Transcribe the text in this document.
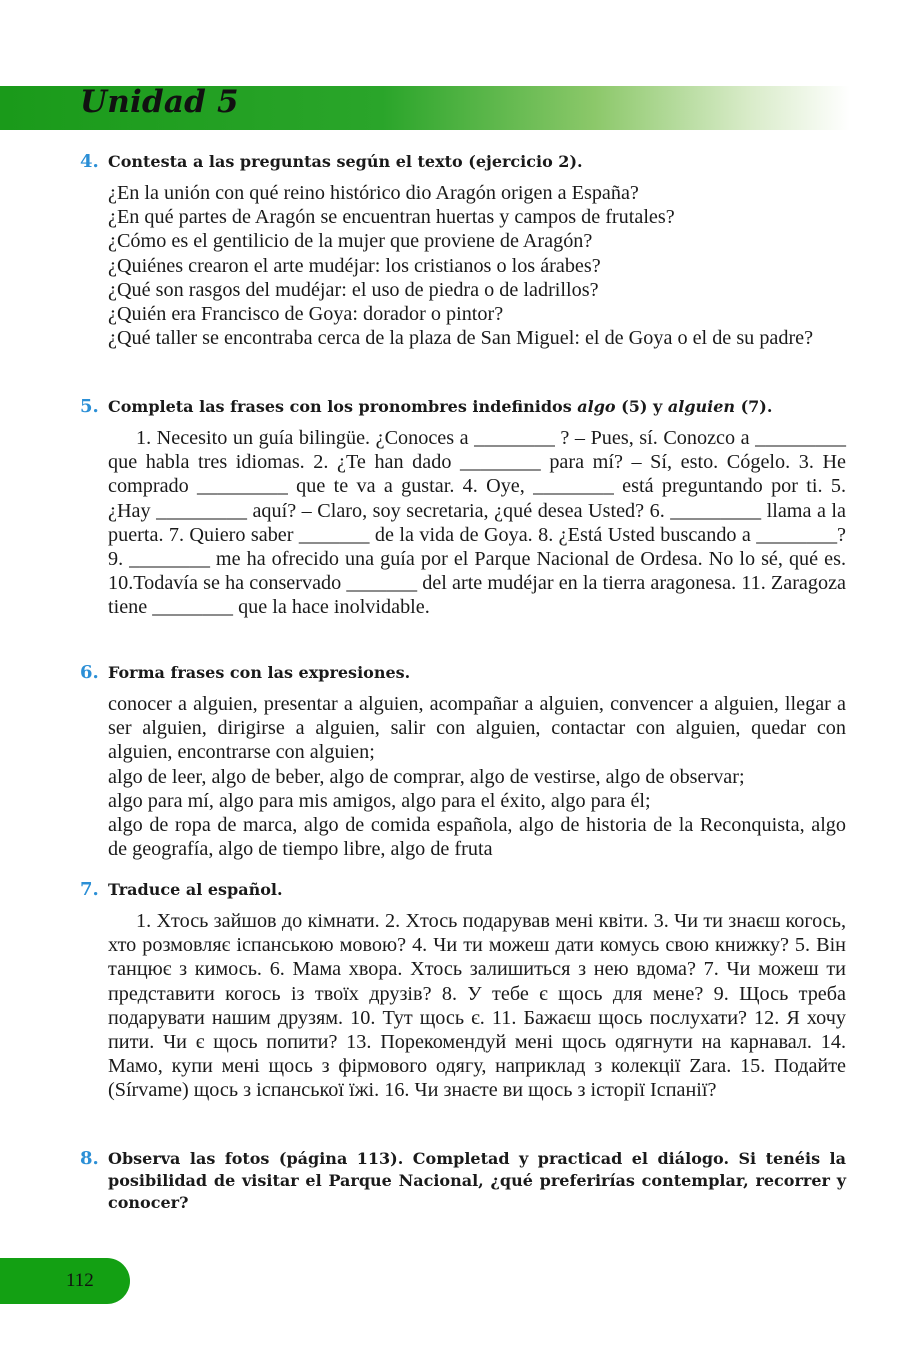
Unidad 5
4. Contesta a las preguntas según el texto (ejercicio 2).

¿En la unión con qué reino histórico dio Aragón origen a España?

¿En qué partes de Aragón se encuentran huertas y campos de frutales?

¿Cómo es el gentilicio de la mujer que proviene de Aragón?

¿Quiénes crearon el arte mudéjar: los cristianos o los árabes?

¿Qué son rasgos del mudéjar: el uso de piedra o de ladrillos?

¿Quién era Francisco de Goya: dorador o pintor?

¿Qué taller se encontraba cerca de la plaza de San Miguel: el de Goya o el de su padre?

5. Completa las frases con los pronombres indefinidos algo (5) y alguien (7).

1. Necesito un guía bilingüe. ¿Conoces a ________ ? – Pues, sí. Conozco a _________ que habla tres idiomas. 2. ¿Te han dado ________ para mí? – Sí, esto. Cógelo. 3. He comprado _________ que te va a gustar. 4. Oye, ________ está preguntando por ti. 5. ¿Hay _________ aquí? – Claro, soy secretaria, ¿qué desea Usted? 6. _________ llama a la puerta. 7. Quiero saber _______ de la vida de Goya. 8. ¿Está Usted buscando a ________? 9. ________ me ha ofrecido una guía por el Parque Nacional de Ordesa. No lo sé, qué es. 10.Todavía se ha conservado _______ del arte mudéjar en la tierra aragonesa. 11. Zaragoza tiene ________ que la hace inolvidable.

6. Forma frases con las expresiones.

conocer a alguien, presentar a alguien, acompañar a alguien, convencer a alguien, llegar a ser alguien, dirigirse a alguien, salir con alguien, contactar con alguien, quedar con alguien, encontrarse con alguien;

algo de leer, algo de beber, algo de comprar, algo de vestirse, algo de observar;

algo para mí, algo para mis amigos, algo para el éxito, algo para él;

algo de ropa de marca, algo de comida española, algo de historia de la Reconquista, algo de geografía, algo de tiempo libre, algo de fruta

7. Traduce al español.

1. Хтось зайшов до кімнати. 2. Хтось подарував мені квіти. 3. Чи ти знаєш когось, хто розмовляє іспанською мовою? 4. Чи ти можеш дати комусь свою книжку? 5. Він танцює з кимось. 6. Мама хвора. Хтось залишиться з нею вдома? 7. Чи можеш ти представити когось із твоїх друзів? 8. У тебе є щось для мене? 9. Щось треба подарувати нашим друзям. 10. Тут щось є. 11. Бажаєш щось послухати? 12. Я хочу пити. Чи є щось попити? 13. Порекомендуй мені щось одягнути на карнавал. 14. Мамо, купи мені щось з фірмового одягу, наприклад з колекції Zara. 15. Подайте (Sírvame) щось з іспанської їжі. 16. Чи знаєте ви щось з історії Іспанії?

8. Observa las fotos (página 113). Completad y practicad el diálogo. Si tenéis la posibilidad de visitar el Parque Nacional, ¿qué preferirías contemplar, recorrer y conocer?
112
